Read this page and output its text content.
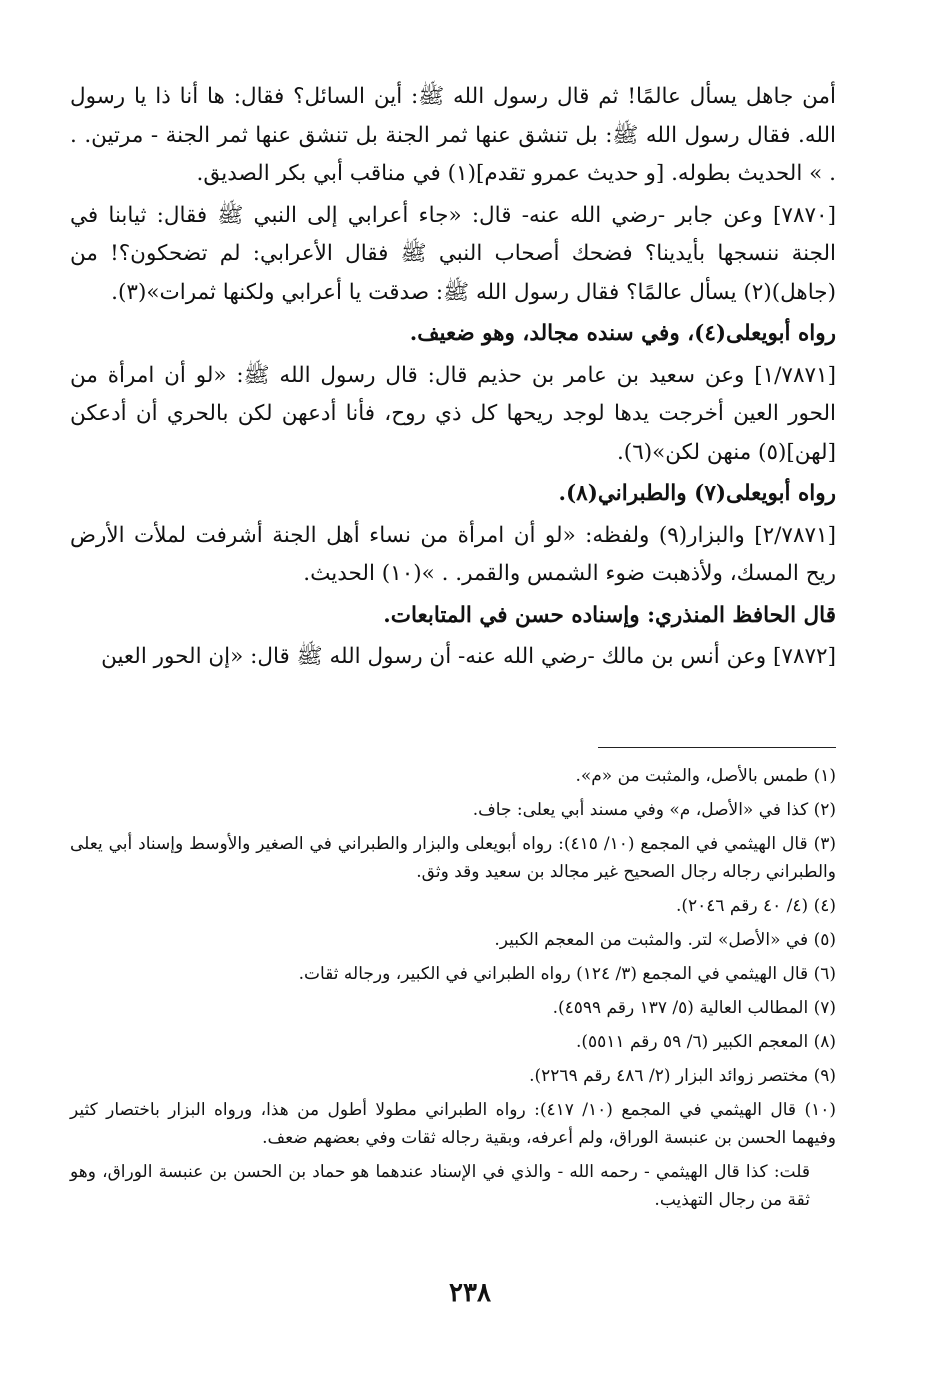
أمن جاهل يسأل عالمًا! ثم قال رسول الله ﷺ: أين السائل؟ فقال: ها أنا ذا يا رسول الله. فقال رسول الله ﷺ: بل تنشق عنها ثمر الجنة بل تنشق عنها ثمر الجنة - مرتين. . . » الحديث بطوله. [و حديث عمرو تقدم](١) في مناقب أبي بكر الصديق.

[٧٨٧٠] وعن جابر -رضي الله عنه- قال: «جاء أعرابي إلى النبي ﷺ فقال: ثيابنا في الجنة ننسجها بأيدينا؟ فضحك أصحاب النبي ﷺ فقال الأعرابي: لم تضحكون؟! من (جاهل)(٢) يسأل عالمًا؟ فقال رسول الله ﷺ: صدقت يا أعرابي ولكنها ثمرات»(٣).

رواه أبويعلى(٤)، وفي سنده مجالد، وهو ضعيف.

[١/٧٨٧١] وعن سعيد بن عامر بن حذيم قال: قال رسول الله ﷺ: «لو أن امرأة من الحور العين أخرجت يدها لوجد ريحها كل ذي روح، فأنا أدعهن لكن بالحري أن أدعكن [لهن](٥) منهن لكن»(٦).

رواه أبويعلى(٧) والطبراني(٨).

[٢/٧٨٧١] والبزار(٩) ولفظه: «لو أن امرأة من نساء أهل الجنة أشرفت لملأت الأرض ريح المسك، ولأذهبت ضوء الشمس والقمر. . »(١٠) الحديث.

قال الحافظ المنذري: وإسناده حسن في المتابعات.

[٧٨٧٢] وعن أنس بن مالك -رضي الله عنه- أن رسول الله ﷺ قال: «إن الحور العين

(١) طمس بالأصل، والمثبت من «م».

(٢) كذا في «الأصل، م» وفي مسند أبي يعلى: جاف.

(٣) قال الهيثمي في المجمع (١٠/ ٤١٥): رواه أبويعلى والبزار والطبراني في الصغير والأوسط وإسناد أبي يعلى والطبراني رجاله رجال الصحيح غير مجالد بن سعيد وقد وثق.

(٤) (٤/ ٤٠ رقم ٢٠٤٦).

(٥) في «الأصل» لتر. والمثبت من المعجم الكبير.

(٦) قال الهيثمي في المجمع (٣/ ١٢٤) رواه الطبراني في الكبير، ورجاله ثقات.

(٧) المطالب العالية (٥/ ١٣٧ رقم ٤٥٩٩).

(٨) المعجم الكبير (٦/ ٥٩ رقم ٥٥١١).

(٩) مختصر زوائد البزار (٢/ ٤٨٦ رقم ٢٢٦٩).

(١٠) قال الهيثمي في المجمع (١٠/ ٤١٧): رواه الطبراني مطولا أطول من هذا، ورواه البزار باختصار كثير وفيهما الحسن بن عنبسة الوراق، ولم أعرفه، وبقية رجاله ثقات وفي بعضهم ضعف.

قلت: كذا قال الهيثمي - رحمه الله - والذي في الإسناد عندهما هو حماد بن الحسن بن عنبسة الوراق، وهو ثقة من رجال التهذيب.

٢٣٨
